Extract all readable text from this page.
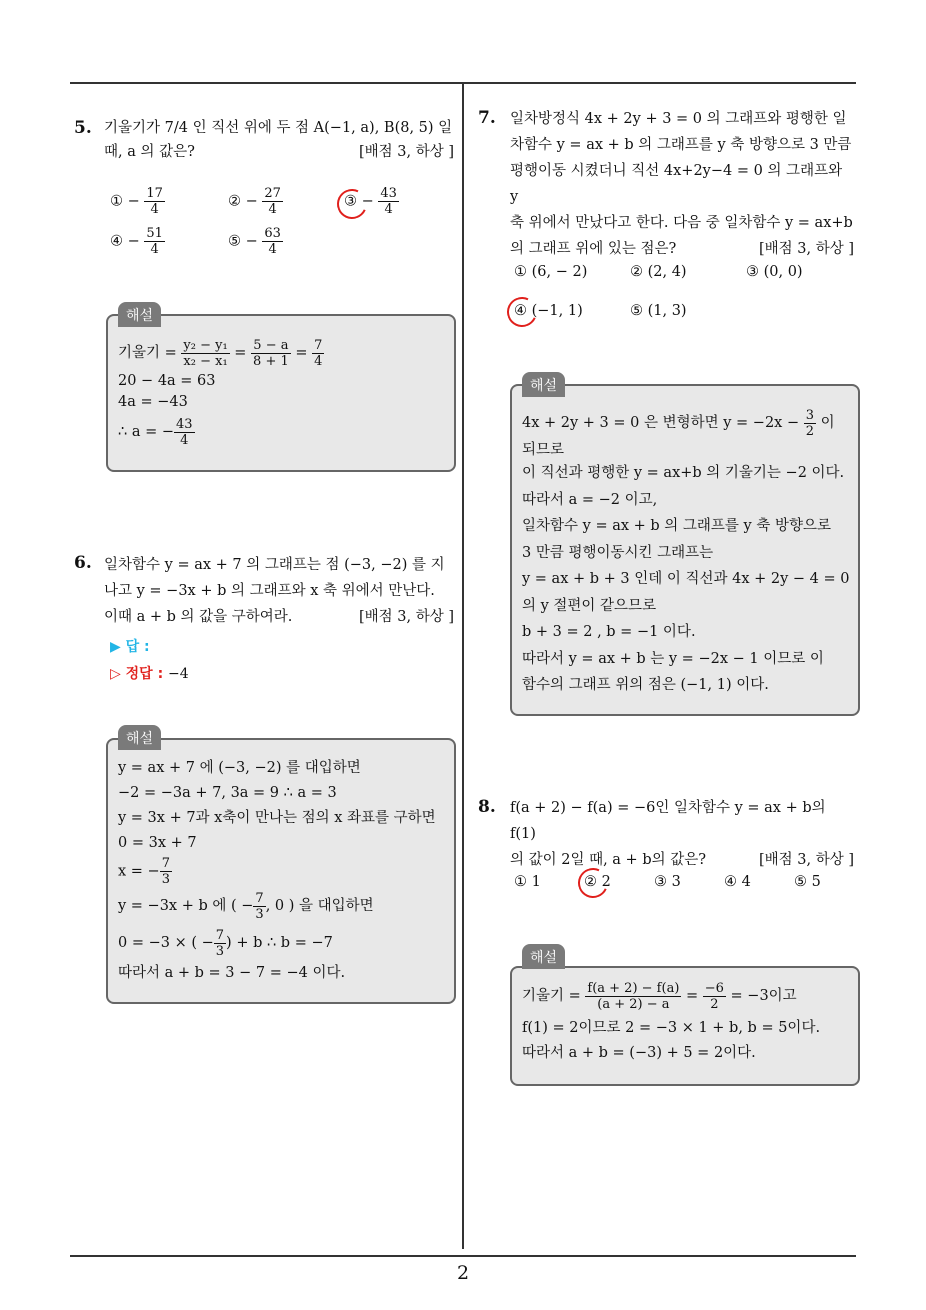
2
5. 기울기가 7/4 인 직선 위에 두 점 A(−1, a), B(8, 5) 일

때, a 의 값은?	[배점 3, 하상 ]

① − $\frac{17}{4}$	② − $\frac{27}{4}$	③ − $\frac{43}{4}$
④ − $\frac{51}{4}$	⑤ − $\frac{63}{4}$
해설

기울기 = $\frac{\text{y₂ − y₁}}{\text{x₂ − x₁}} = \frac{5 - a}{8 + 1} = \frac{7}{4}$

20 − 4a = 63

4a = −43

∴ a = − $\frac{43}{4}$

6. 일차함수 y = ax + 7 의 그래프는 점 (−3, −2) 를 지

나고 y = −3x + b 의 그래프와 x 축 위에서 만난다.

이때 a + b 의 값을 구하여라.	[배점 3, 하상 ]

▶ 답 :
▷ 정답 : −4
해설

y = ax + 7 에 (−3, −2) 를 대입하면

−2 = −3a + 7, 3a = 9 ∴ a = 3

y = 3x + 7과 x축이 만나는 점의 x 좌표를 구하면

0 = 3x + 7

x = − $\frac{7}{3}$

y = −3x + b 에 ( − $\frac{7}{3}$ , 0 ) 을 대입하면

0 = −3 × ( − $\frac{7}{3}$ ) + b ∴ b = −7

따라서 a + b = 3 − 7 = −4 이다.

7. 일차방정식 4x + 2y + 3 = 0 의 그래프와 평행한 일

차함수 y = ax + b 의 그래프를 y 축 방향으로 3 만큼

평행이동 시켰더니 직선 4x+2y−4 = 0 의 그래프와 y

축 위에서 만났다고 한다. 다음 중 일차함수 y = ax+b

의 그래프 위에 있는 점은?	[배점 3, 하상 ]

① (6, − 2)	② (2, 4)	③ (0, 0)
④ (−1, 1)	⑤ (1, 3)
해설

4x + 2y + 3 = 0 은 변형하면 $y = -2x - \frac{3}{2}$ 이

되므로

이 직선과 평행한 y = ax+b 의 기울기는 −2 이다.

따라서 a = −2 이고,

일차함수 y = ax + b 의 그래프를 y 축 방향으로

3 만큼 평행이동시킨 그래프는

y = ax + b + 3 인데 이 직선과 4x + 2y − 4 = 0

의 y 절편이 같으므로

b + 3 = 2 , b = −1 이다.

따라서 y = ax + b 는 y = −2x − 1 이므로 이

함수의 그래프 위의 점은 (−1, 1) 이다.

8. f(a + 2) − f(a) = −6인 일차함수 y = ax + b의 f(1)

의 값이 2일 때, a + b의 값은?	[배점 3, 하상 ]

① 1	② 2	③ 3	④ 4	⑤ 5
해설

기울기 = $\frac{f(a + 2) - f(a)}{(a + 2) - a} = \frac{-6}{2} = -3$이고

f(1) = 2이므로 2 = −3 × 1 + b, b = 5이다.

따라서 a + b = (−3) + 5 = 2이다.
